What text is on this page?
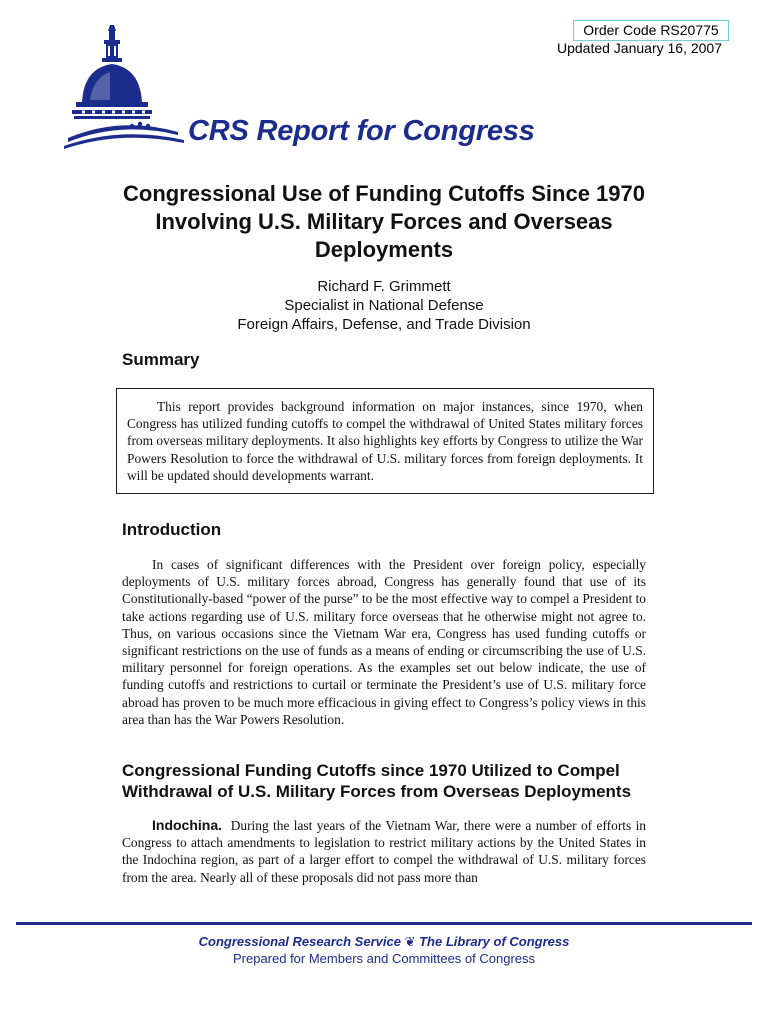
Order Code RS20775
Updated January 16, 2007
CRS Report for Congress
Congressional Use of Funding Cutoffs Since 1970 Involving U.S. Military Forces and Overseas Deployments
Richard F. Grimmett
Specialist in National Defense
Foreign Affairs, Defense, and Trade Division
Summary

This report provides background information on major instances, since 1970, when Congress has utilized funding cutoffs to compel the withdrawal of United States military forces from overseas military deployments. It also highlights key efforts by Congress to utilize the War Powers Resolution to force the withdrawal of U.S. military forces from foreign deployments. It will be updated should developments warrant.

Introduction

In cases of significant differences with the President over foreign policy, especially deployments of U.S. military forces abroad, Congress has generally found that use of its Constitutionally-based “power of the purse” to be the most effective way to compel a President to take actions regarding use of U.S. military force overseas that he otherwise might not agree to. Thus, on various occasions since the Vietnam War era, Congress has used funding cutoffs or significant restrictions on the use of funds as a means of ending or circumscribing the use of U.S. military personnel for foreign operations. As the examples set out below indicate, the use of funding cutoffs and restrictions to curtail or terminate the President’s use of U.S. military force abroad has proven to be much more efficacious in giving effect to Congress’s policy views in this area than has the War Powers Resolution.

Congressional Funding Cutoffs since 1970 Utilized to Compel
Withdrawal of U.S. Military Forces from Overseas Deployments

Indochina. During the last years of the Vietnam War, there were a number of efforts in Congress to attach amendments to legislation to restrict military actions by the United States in the Indochina region, as part of a larger effort to compel the withdrawal of U.S. military forces from the area. Nearly all of these proposals did not pass more than

Congressional Research Service ❦ The Library of Congress
Prepared for Members and Committees of Congress
